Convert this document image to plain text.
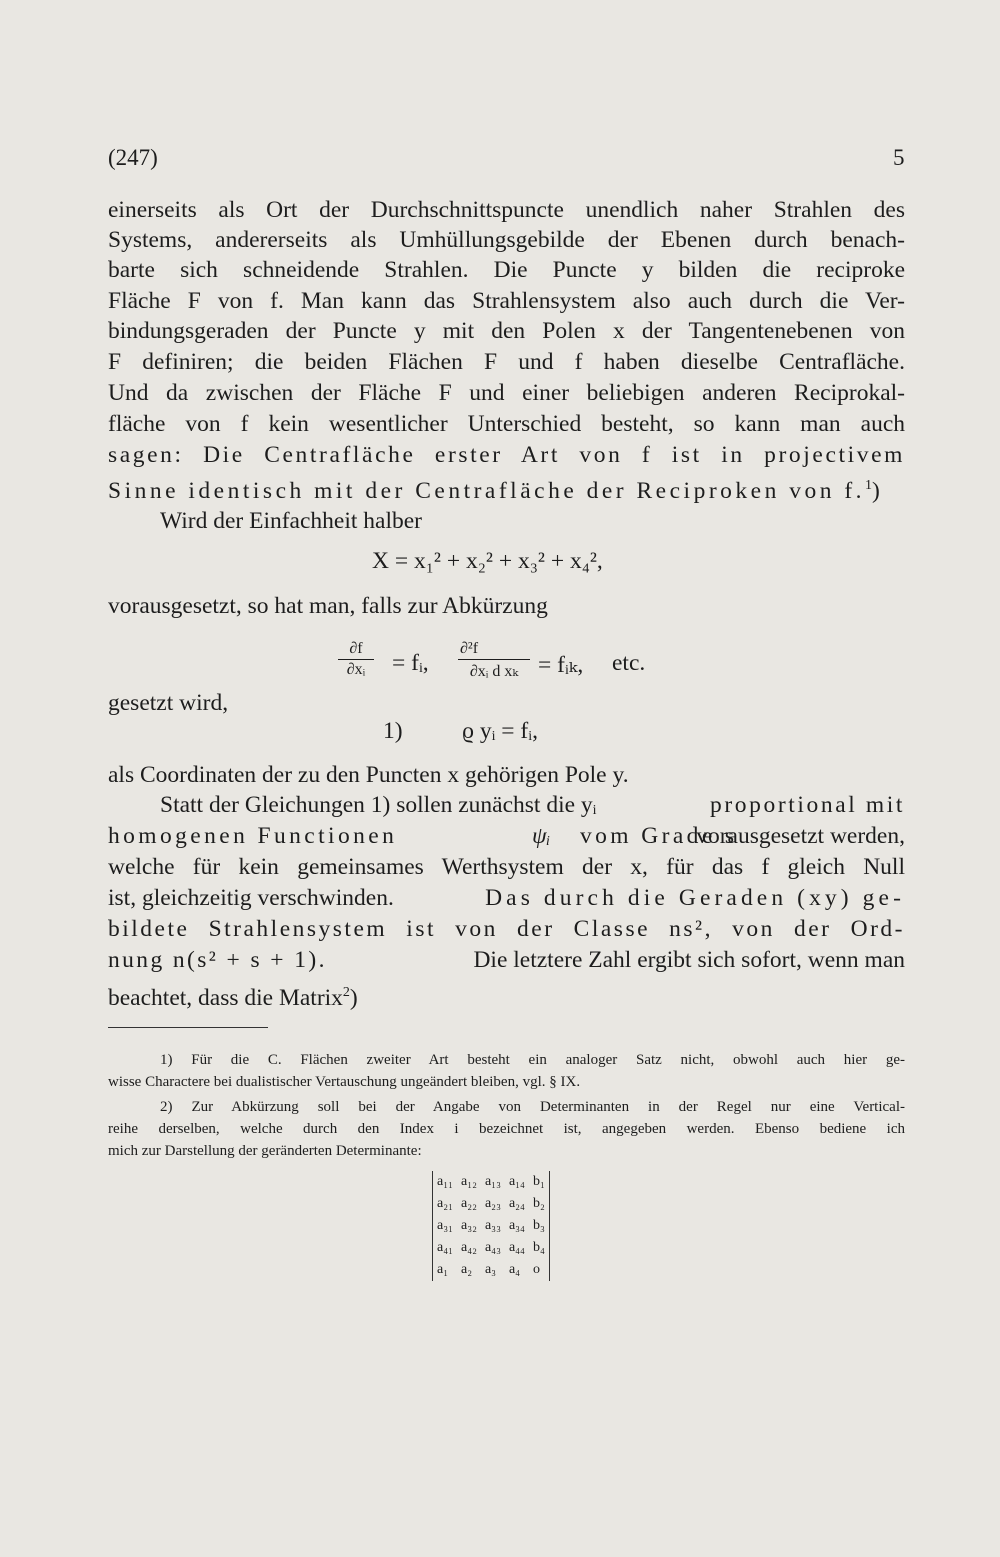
(247)	5
einerseits als Ort der Durchschnittspuncte unendlich naher Strahlen des
Systems, andererseits als Umhüllungsgebilde der Ebenen durch benach-
barte sich schneidende Strahlen. Die Puncte y bilden die reciproke
Fläche F von f. Man kann das Strahlensystem also auch durch die Ver-
bindungsgeraden der Puncte y mit den Polen x der Tangentenebenen von
F definiren; die beiden Flächen F und f haben dieselbe Centrafläche.
Und da zwischen der Fläche F und einer beliebigen anderen Reciprokal-
fläche von f kein wesentlicher Unterschied besteht, so kann man auch
sagen: Die Centrafläche erster Art von f ist in projectivem
Sinne identisch mit der Centrafläche der Reciproken von f.$^1$)
Wird der Einfachheit halber
X = x₁² + x₂² + x₃² + x₄²,
vorausgesetzt, so hat man, falls zur Abkürzung
∂f
∂xᵢ	= fᵢ,
∂²f
∂xᵢ d xₖ = fᵢₖ, etc.
gesetzt wird,
1)	ϱ yᵢ = fᵢ,
als Coordinaten der zu den Puncten x gehörigen Pole y.
Statt der Gleichungen 1) sollen zunächst die yᵢ	proportional mit
homogenen Functionen	ψᵢ vom Grade s
vorausgesetzt werden,
welche für kein gemeinsames Werthsystem der x, für das f gleich Null
ist, gleichzeitig verschwinden.	Das durch die Geraden (xy) ge-
bildete Strahlensystem ist von der Classe ns², von der Ord-
nung n(s² + s + 1).	Die letztere Zahl ergibt sich sofort, wenn man
beachtet, dass die Matrix$^2$)
1) Für die C. Flächen zweiter Art besteht ein analoger Satz nicht, obwohl auch hier ge-
wisse Charactere bei dualistischer Vertauschung ungeändert bleiben, vgl. § IX.
2) Zur Abkürzung soll bei der Angabe von Determinanten in der Regel nur eine Vertical-
reihe derselben, welche durch den Index i bezeichnet ist, angegeben werden. Ebenso bediene ich
mich zur Darstellung der geränderten Determinante:
a₁₁	a₁₂	a₁₃	a₁₄	b₁
a₂₁	a₂₂	a₂₃	a₂₄	b₂
a₃₁	a₃₂	a₃₃	a₃₄	b₃
a₄₁	a₄₂	a₄₃	a₄₄	b₄
a₁	a₂	a₃	a₄	o
